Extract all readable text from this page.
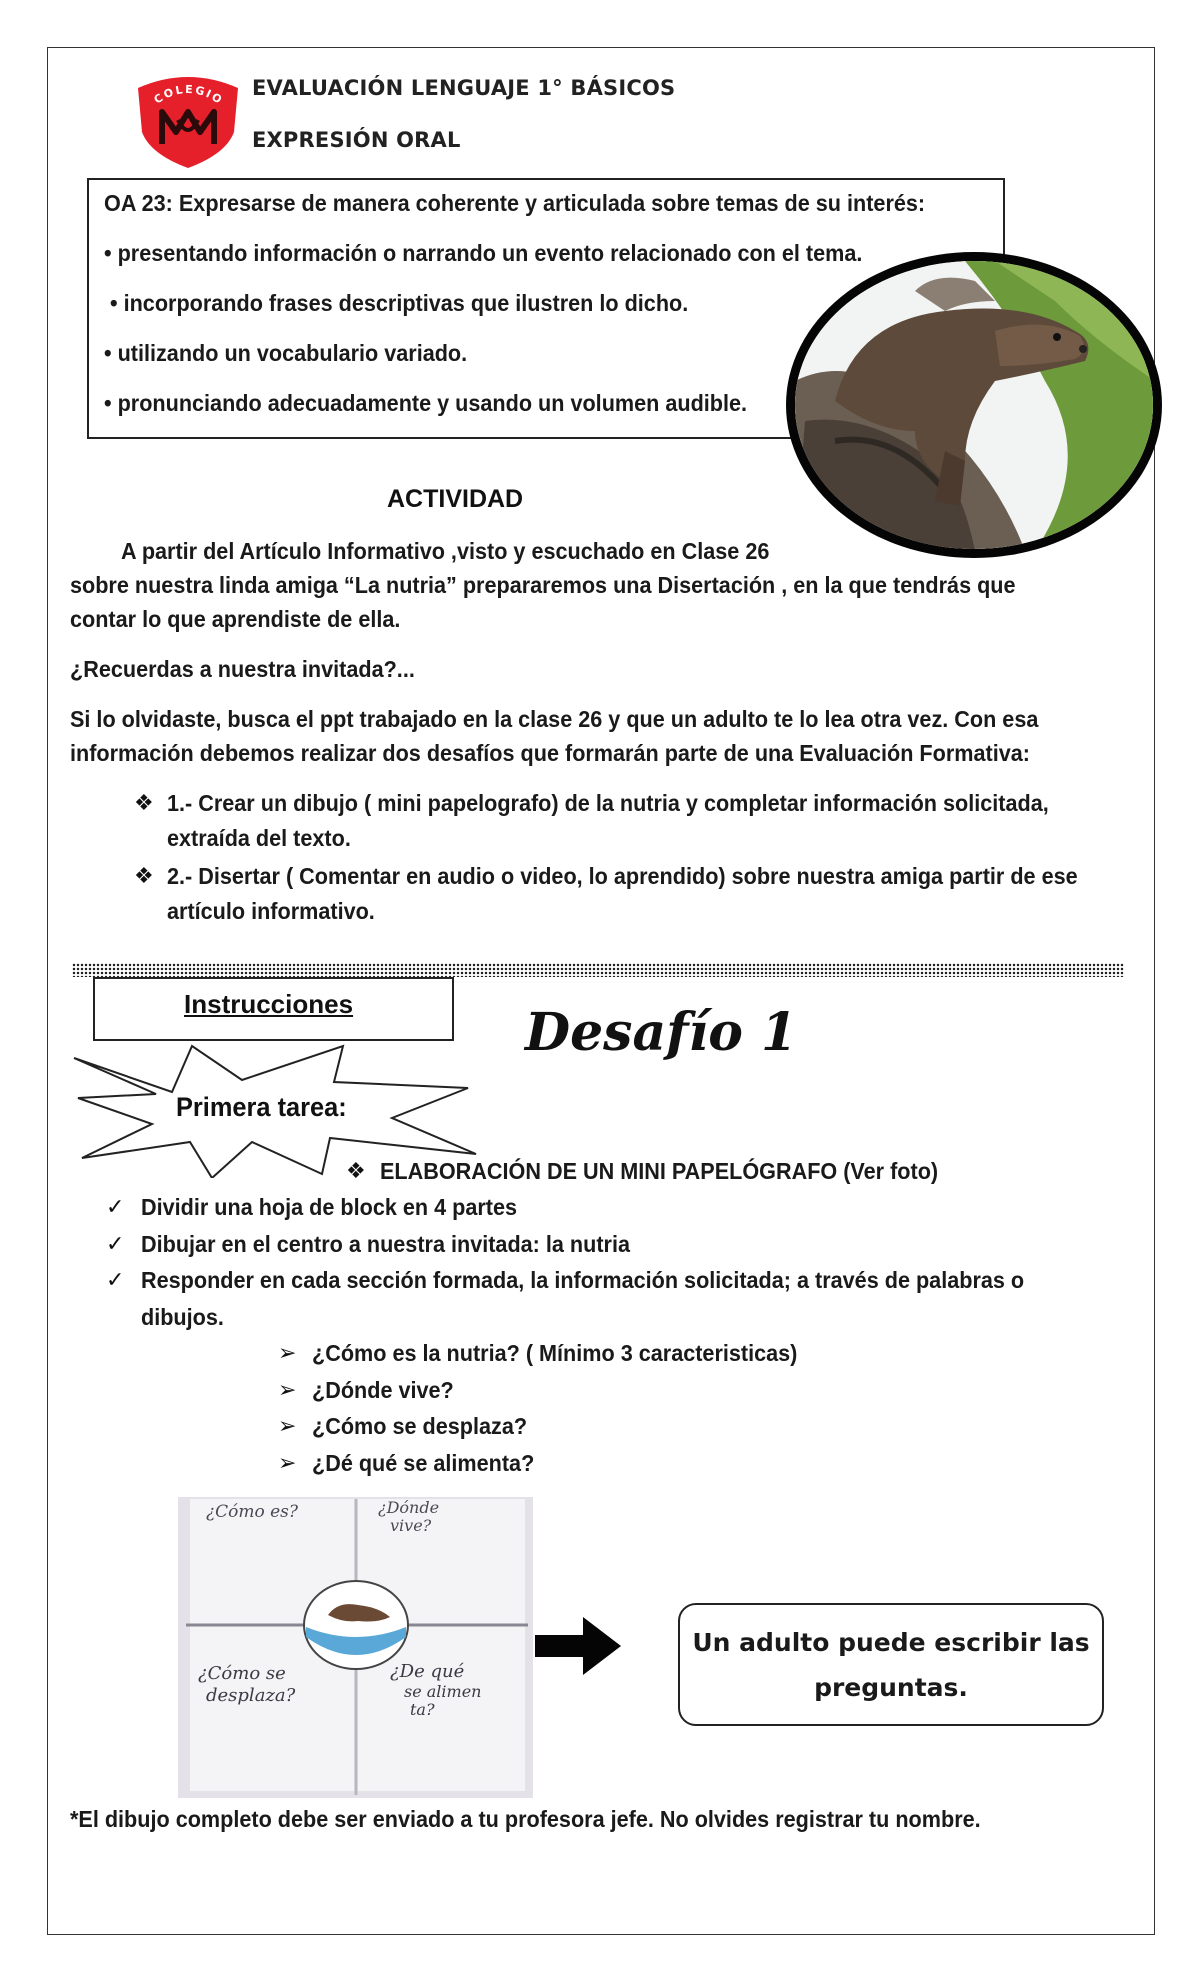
COLEGIO EVALUACIÓN LENGUAJE 1° BÁSICOS
EXPRESIÓN ORAL
OA 23: Expresarse de manera coherente y articulada sobre temas de su interés:
• presentando información o narrando un evento relacionado con el tema.
• incorporando frases descriptivas que ilustren lo dicho.
• utilizando un vocabulario variado.
• pronunciando adecuadamente y usando un volumen audible.
ACTIVIDAD
A partir del Artículo Informativo ,visto y escuchado en Clase 26
sobre nuestra linda amiga “La nutria” prepararemos una Disertación , en la que tendrás que
contar lo que aprendiste de ella.
¿Recuerdas a nuestra invitada?...
Si lo olvidaste, busca el ppt trabajado en la clase 26 y que un adulto te lo lea otra vez. Con esa
información debemos realizar dos desafíos que formarán parte de una Evaluación Formativa:
❖ 1.- Crear un dibujo ( mini papelografo) de la nutria y completar información solicitada,
extraída del texto.
❖ 2.- Disertar ( Comentar en audio o video, lo aprendido) sobre nuestra amiga partir de ese
artículo informativo.
Instrucciones	Desafío 1
Primera tarea:
❖ ELABORACIÓN DE UN MINI PAPELÓGRAFO (Ver foto)
✓ Dividir una hoja de block en 4 partes
✓ Dibujar en el centro a nuestra invitada: la nutria
✓ Responder en cada sección formada, la información solicitada; a través de palabras o
dibujos.
➢ ¿Cómo es la nutria? ( Mínimo 3 caracteristicas)
➢ ¿Dónde vive?
➢ ¿Cómo se desplaza?
➢ ¿Dé qué se alimenta?
¿Cómo es?	¿Dónde
vive?
¿Cómo se
desplaza?
¿De qué
se alimen
ta?
Un adulto puede escribir las
preguntas.
*El dibujo completo debe ser enviado a tu profesora jefe. No olvides registrar tu nombre.
